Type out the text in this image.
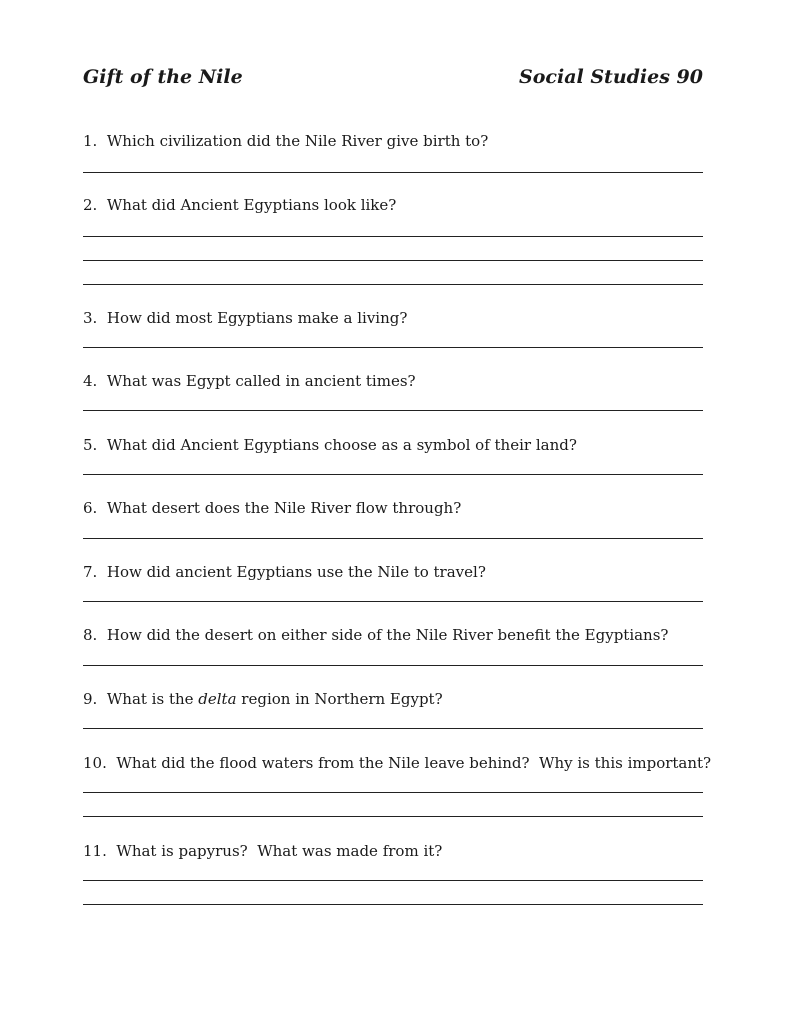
Gift of the Nile	Social Studies 90
1. Which civilization did the Nile River give birth to?
2. What did Ancient Egyptians look like?
3. How did most Egyptians make a living?
4. What was Egypt called in ancient times?
5. What did Ancient Egyptians choose as a symbol of their land?
6. What desert does the Nile River flow through?
7. How did ancient Egyptians use the Nile to travel?
8. How did the desert on either side of the Nile River benefit the Egyptians?
9. What is the delta region in Northern Egypt?
10. What did the flood waters from the Nile leave behind?  Why is this important?
11. What is papyrus?  What was made from it?
